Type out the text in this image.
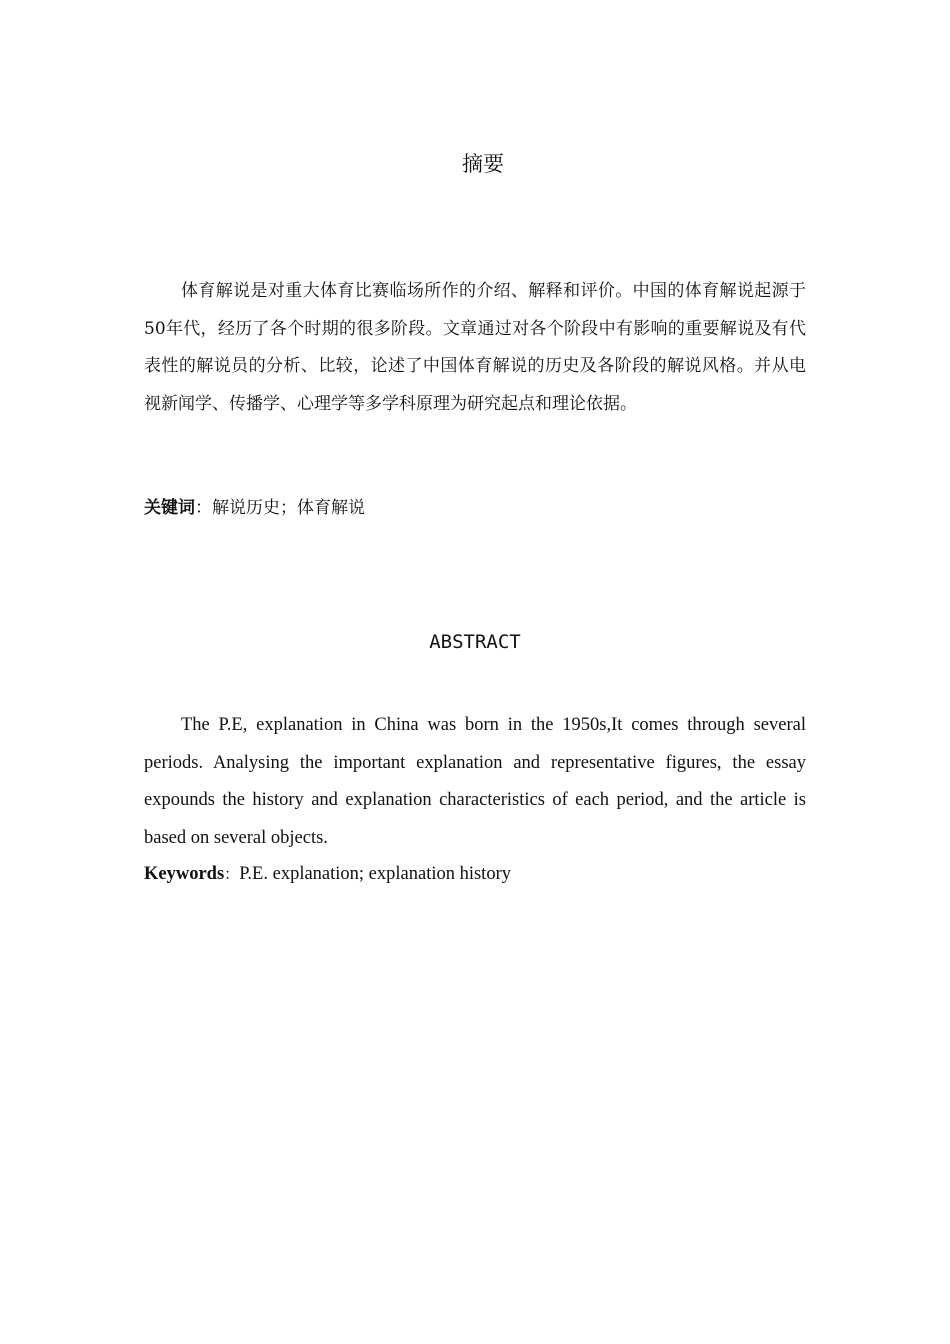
摘要

体育解说是对重大体育比赛临场所作的介绍、解释和评价。中国的体育解说起源于50年代，经历了各个时期的很多阶段。文章通过对各个阶段中有影响的重要解说及有代表性的解说员的分析、比较，论述了中国体育解说的历史及各阶段的解说风格。并从电视新闻学、传播学、心理学等多学科原理为研究起点和理论依据。

关键词：解说历史；体育解说

ABSTRACT

The P.E, explanation in China was born in the 1950s,It comes through several periods. Analysing the important explanation and representative figures, the essay expounds the history and explanation characteristics of each period, and the article is based on several objects.

Keywords：P.E. explanation; explanation history
